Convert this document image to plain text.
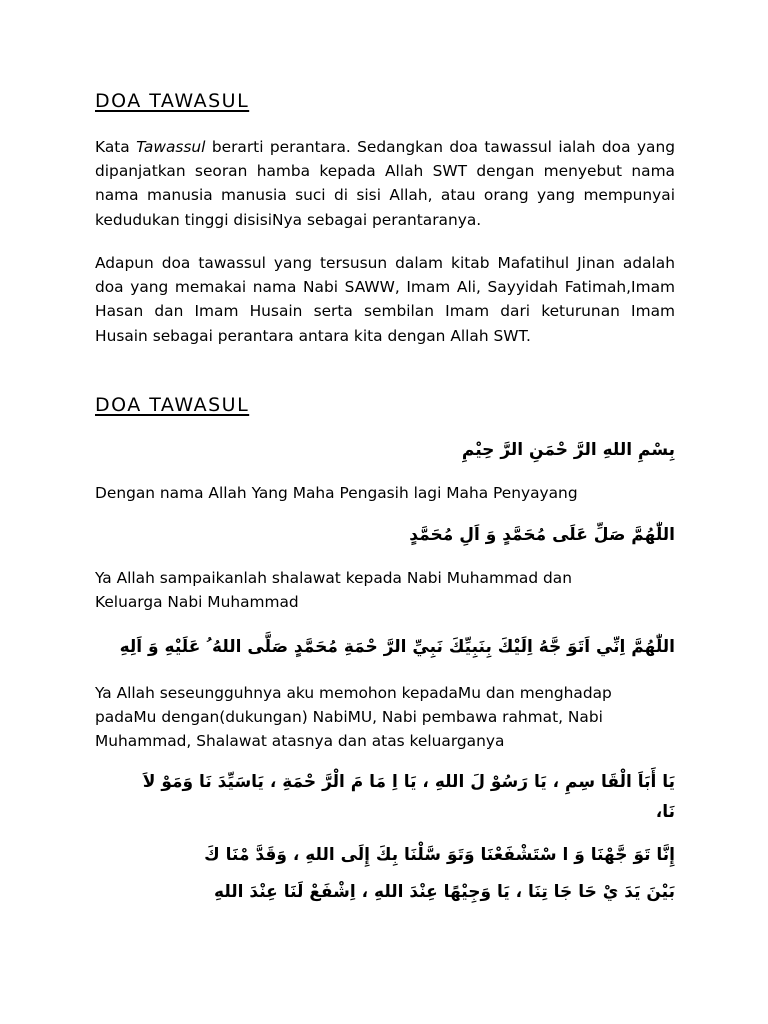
DOA TAWASUL
Kata Tawassul berarti perantara. Sedangkan doa tawassul ialah doa yang dipanjatkan seoran hamba kepada Allah SWT dengan menyebut nama nama manusia manusia suci di sisi Allah, atau orang yang mempunyai kedudukan tinggi disisiNya sebagai perantaranya.
Adapun doa tawassul yang tersusun dalam kitab Mafatihul Jinan adalah doa yang memakai nama Nabi SAWW, Imam Ali, Sayyidah Fatimah,Imam Hasan dan Imam Husain serta sembilan Imam dari keturunan Imam Husain sebagai perantara antara kita dengan Allah SWT.
DOA TAWASUL
بِسْمِ اللهِ الرَّ حْمَنِ الرَّ حِيْمِ
Dengan nama Allah Yang Maha Pengasih lagi Maha Penyayang
اللّٰهُمَّ صَلِّ عَلَى مُحَمَّدٍ وَ اَلِ مُحَمَّدٍ
Ya Allah sampaikanlah shalawat kepada Nabi Muhammad dan
Keluarga Nabi Muhammad
اللّٰهُمَّ اِنِّي اَتَوَ جَّهُ اِلَيْكَ بِنَبِيِّكَ نَبِيِّ الرَّ حْمَةِ مُحَمَّدٍ صَلَّى اللهُ ُ عَلَيْهِ وَ اَلِهِ
Ya Allah seseungguhnya aku memohon kepadaMu dan menghadap
padaMu dengan(dukungan) NabiMU, Nabi pembawa rahmat, Nabi
Muhammad, Shalawat atasnya dan atas keluarganya
يَا أَبَاَ الْقَا سِمِ ، يَا رَسُوْ لَ اللهِ ، يَا اِ مَا مَ الْرَّ حْمَةِ ، يَاسَيِّدَ نَا وَمَوْ لاَ
نَا،
إِنَّا تَوَ جَّهْنَا وَ ا سْتَشْفَعْنَا وَتَوَ سَّلْنَا بِكَ إِلَى اللهِ ، وَقَدَّ مْنَا كَ
بَيْنَ يَدَ يْ حَا جَا تِنَا ، يَا وَجِيْهًا عِنْدَ اللهِ ، اِشْفَعْ لَنَا عِنْدَ اللهِ
